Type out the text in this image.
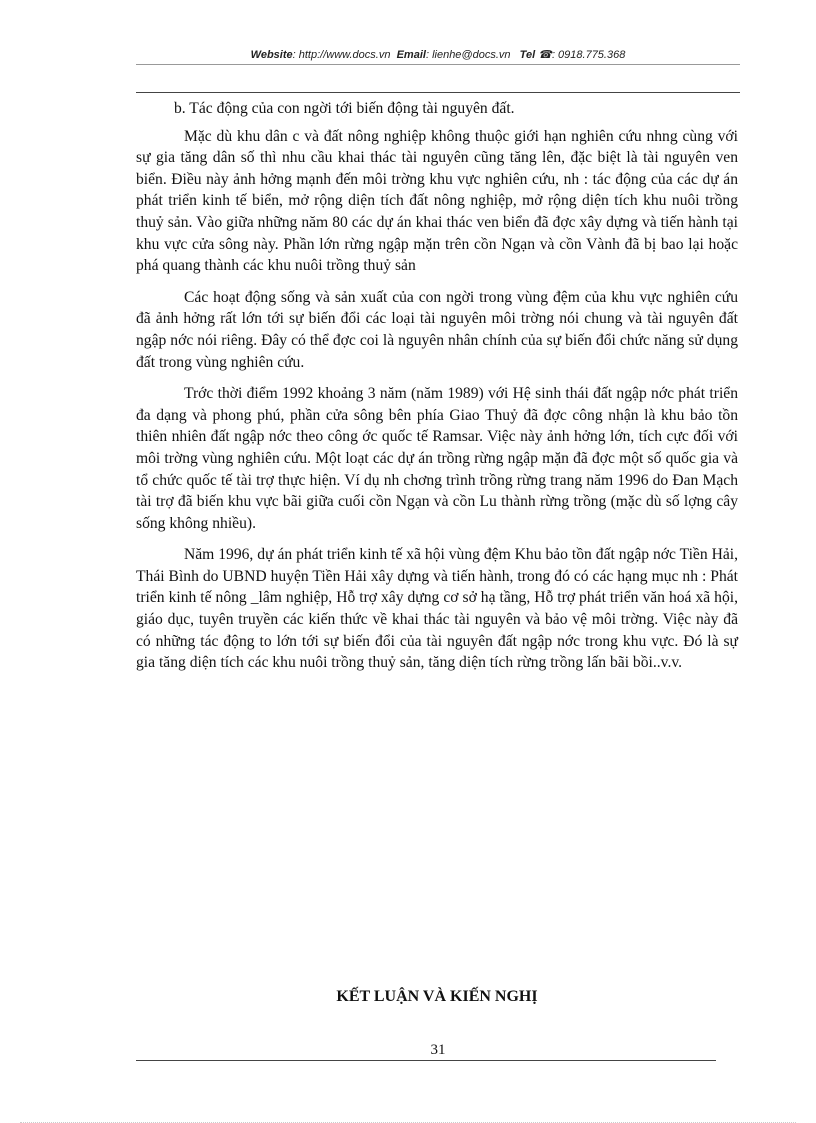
Website: http://www.docs.vn Email: lienhe@docs.vn Tel ☎: 0918.775.368

b. Tác động của con ngời tới biến động tài nguyên đất.

Mặc dù khu dân c và đất nông nghiệp không thuộc giới hạn nghiên cứu nhng cùng với sự gia tăng dân số thì nhu cầu khai thác tài nguyên cũng tăng lên, đặc biệt là tài nguyên ven biển. Điều này ảnh hởng mạnh đến môi trờng khu vực nghiên cứu, nh : tác động của các dự án phát triển kinh tế biển, mở rộng diện tích đất nông nghiệp, mở rộng diện tích khu nuôi trồng thuỷ sản. Vào giữa những năm 80 các dự án khai thác ven biển đã đợc xây dựng và tiến hành tại khu vực cửa sông này. Phần lớn rừng ngập mặn trên cồn Ngạn và cồn Vành đã bị bao lại hoặc phá quang thành các khu nuôi trồng thuỷ sản

Các hoạt động sống và sản xuất của con ngời trong vùng đệm của khu vực nghiên cứu đã ảnh hởng rất lớn tới sự biến đổi các loại tài nguyên môi trờng nói chung và tài nguyên đất ngập nớc nói riêng. Đây có thể đợc coi là nguyên nhân chính của sự biến đổi chức năng sử dụng đất trong vùng nghiên cứu.

Trớc thời điểm 1992 khoảng 3 năm (năm 1989) với Hệ sinh thái đất ngập nớc phát triển đa dạng và phong phú, phần cửa sông bên phía Giao Thuỷ đã đợc công nhận là khu bảo tồn thiên nhiên đất ngập nớc theo công ớc quốc tế Ramsar. Việc này ảnh hởng lớn, tích cực đối với môi trờng vùng nghiên cứu. Một loạt các dự án trồng rừng ngập mặn đã đợc một số quốc gia và tổ chức quốc tế tài trợ thực hiện. Ví dụ nh chơng trình trồng rừng trang năm 1996 do Đan Mạch tài trợ đã biến khu vực bãi giữa cuối cồn Ngạn và cồn Lu thành rừng trồng (mặc dù số lợng cây sống không nhiều).

Năm 1996, dự án phát triển kinh tế xã hội vùng đệm Khu bảo tồn đất ngập nớc Tiền Hải, Thái Bình do UBND huyện Tiền Hải xây dựng và tiến hành, trong đó có các hạng mục nh : Phát triển kinh tế nông _lâm nghiệp, Hỗ trợ xây dựng cơ sở hạ tầng, Hỗ trợ phát triển văn hoá xã hội, giáo dục, tuyên truyền các kiến thức về khai thác tài nguyên và bảo vệ môi trờng. Việc này đã có những tác động to lớn tới sự biến đổi của tài nguyên đất ngập nớc trong khu vực. Đó là sự gia tăng diện tích các khu nuôi trồng thuỷ sản, tăng diện tích rừng trồng lấn bãi bồi..v.v.

KẾT LUẬN VÀ KIẾN NGHỊ
31
